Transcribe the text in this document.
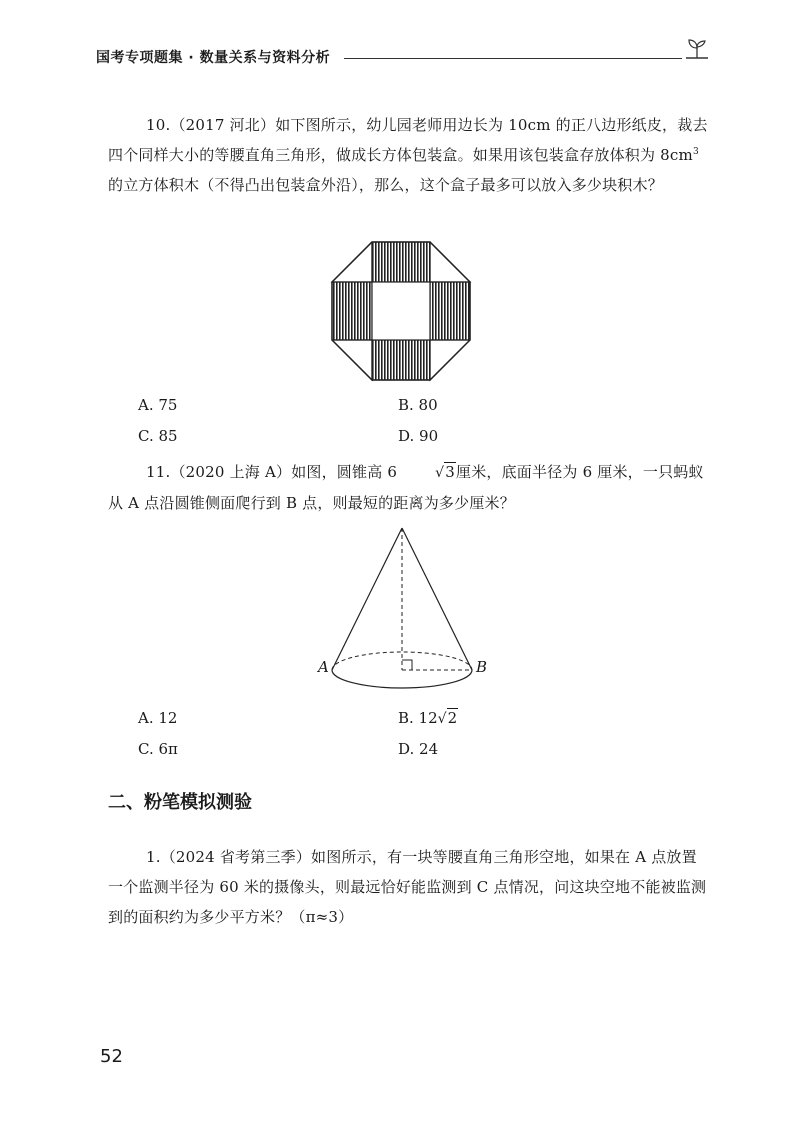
国考专项题集 · 数量关系与资料分析
10.（2017 河北）如下图所示，幼儿园老师用边长为 10cm 的正八边形纸皮，裁去四个同样大小的等腰直角三角形，做成长方体包装盒。如果用该包装盒存放体积为 $8cm^3$ 的立方体积木（不得凸出包装盒外沿），那么，这个盒子最多可以放入多少块积木？
A. 75	B. 80
C. 85	D. 90
11.（2020 上海 A）如图，圆锥高 6	√3厘米，底面半径为 6 厘米，一只蚂蚁从 A 点沿圆锥侧面爬行到 B 点，则最短的距离为多少厘米？
A	B
A. 12	B. 12√2
C. 6π	D. 24
二、粉笔模拟测验
1.（2024 省考第三季）如图所示，有一块等腰直角三角形空地，如果在 A 点放置一个监测半径为 60 米的摄像头，则最远恰好能监测到 C 点情况，问这块空地不能被监测到的面积约为多少平方米？（π≈3）
52
